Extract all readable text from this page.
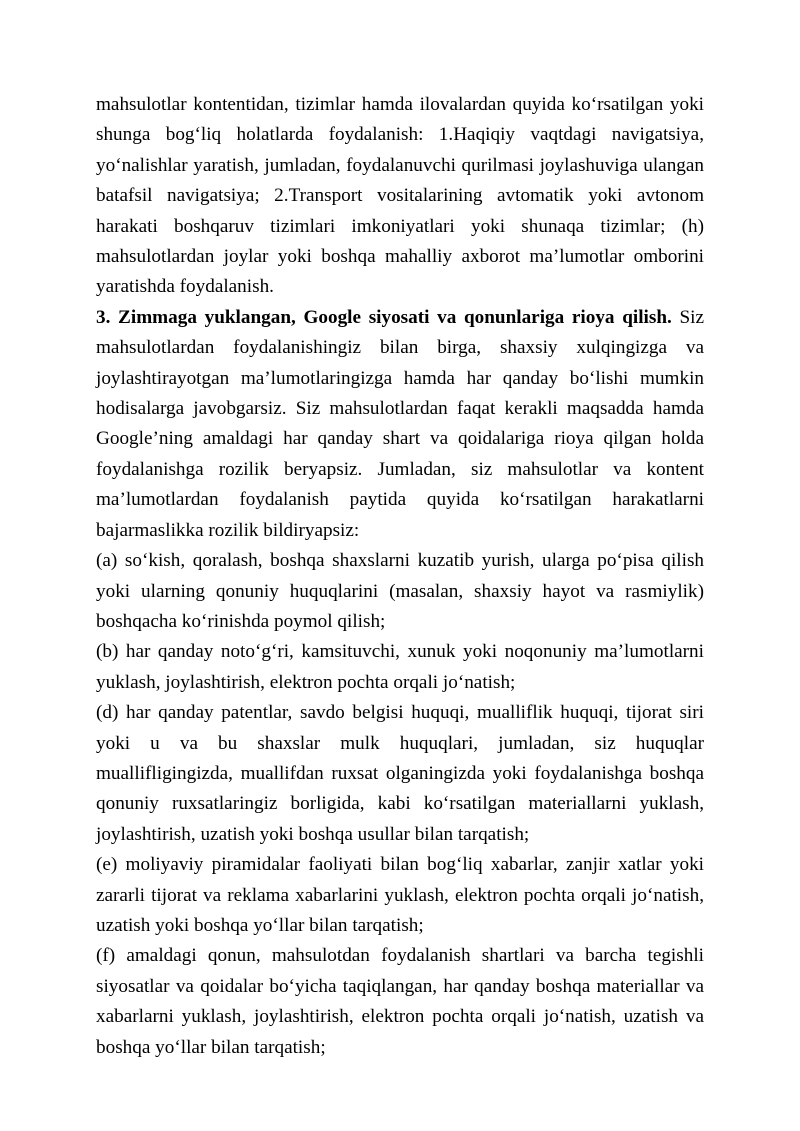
mahsulotlar kontentidan, tizimlar hamda ilovalardan quyida ko‘rsatilgan yoki shunga bog‘liq holatlarda foydalanish: 1.Haqiqiy vaqtdagi navigatsiya, yo‘nalishlar yaratish, jumladan, foydalanuvchi qurilmasi joylashuviga ulangan batafsil navigatsiya; 2.Transport vositalarining avtomatik yoki avtonom harakati boshqaruv tizimlari imkoniyatlari yoki shunaqa tizimlar; (h) mahsulotlardan joylar yoki boshqa mahalliy axborot ma’lumotlar omborini yaratishda foydalanish.

3. Zimmaga yuklangan, Google siyosati va qonunlariga rioya qilish. Siz mahsulotlardan foydalanishingiz bilan birga, shaxsiy xulqingizga va joylashtirayotgan ma’lumotlaringizga hamda har qanday bo‘lishi mumkin hodisalarga javobgarsiz. Siz mahsulotlardan faqat kerakli maqsadda hamda Google’ning amaldagi har qanday shart va qoidalariga rioya qilgan holda foydalanishga rozilik beryapsiz. Jumladan, siz mahsulotlar va kontent ma’lumotlardan foydalanish paytida quyida ko‘rsatilgan harakatlarni bajarmaslikka rozilik bildiryapsiz:

(a) so‘kish, qoralash, boshqa shaxslarni kuzatib yurish, ularga po‘pisa qilish yoki ularning qonuniy huquqlarini (masalan, shaxsiy hayot va rasmiylik) boshqacha ko‘rinishda poymol qilish;

(b) har qanday noto‘g‘ri, kamsituvchi, xunuk yoki noqonuniy ma’lumotlarni yuklash, joylashtirish, elektron pochta orqali jo‘natish;

(d) har qanday patentlar, savdo belgisi huquqi, mualliflik huquqi, tijorat siri yoki u va bu shaxslar mulk huquqlari, jumladan, siz huquqlar muallifligingizda, muallifdan ruxsat olganingizda yoki foydalanishga boshqa qonuniy ruxsatlaringiz borligida, kabi ko‘rsatilgan materiallarni yuklash, joylashtirish, uzatish yoki boshqa usullar bilan tarqatish;

(e) moliyaviy piramidalar faoliyati bilan bog‘liq xabarlar, zanjir xatlar yoki zararli tijorat va reklama xabarlarini yuklash, elektron pochta orqali jo‘natish, uzatish yoki boshqa yo‘llar bilan tarqatish;

(f) amaldagi qonun, mahsulotdan foydalanish shartlari va barcha tegishli siyosatlar va qoidalar bo‘yicha taqiqlangan, har qanday boshqa materiallar va xabarlarni yuklash, joylashtirish, elektron pochta orqali jo‘natish, uzatish va boshqa yo‘llar bilan tarqatish;
